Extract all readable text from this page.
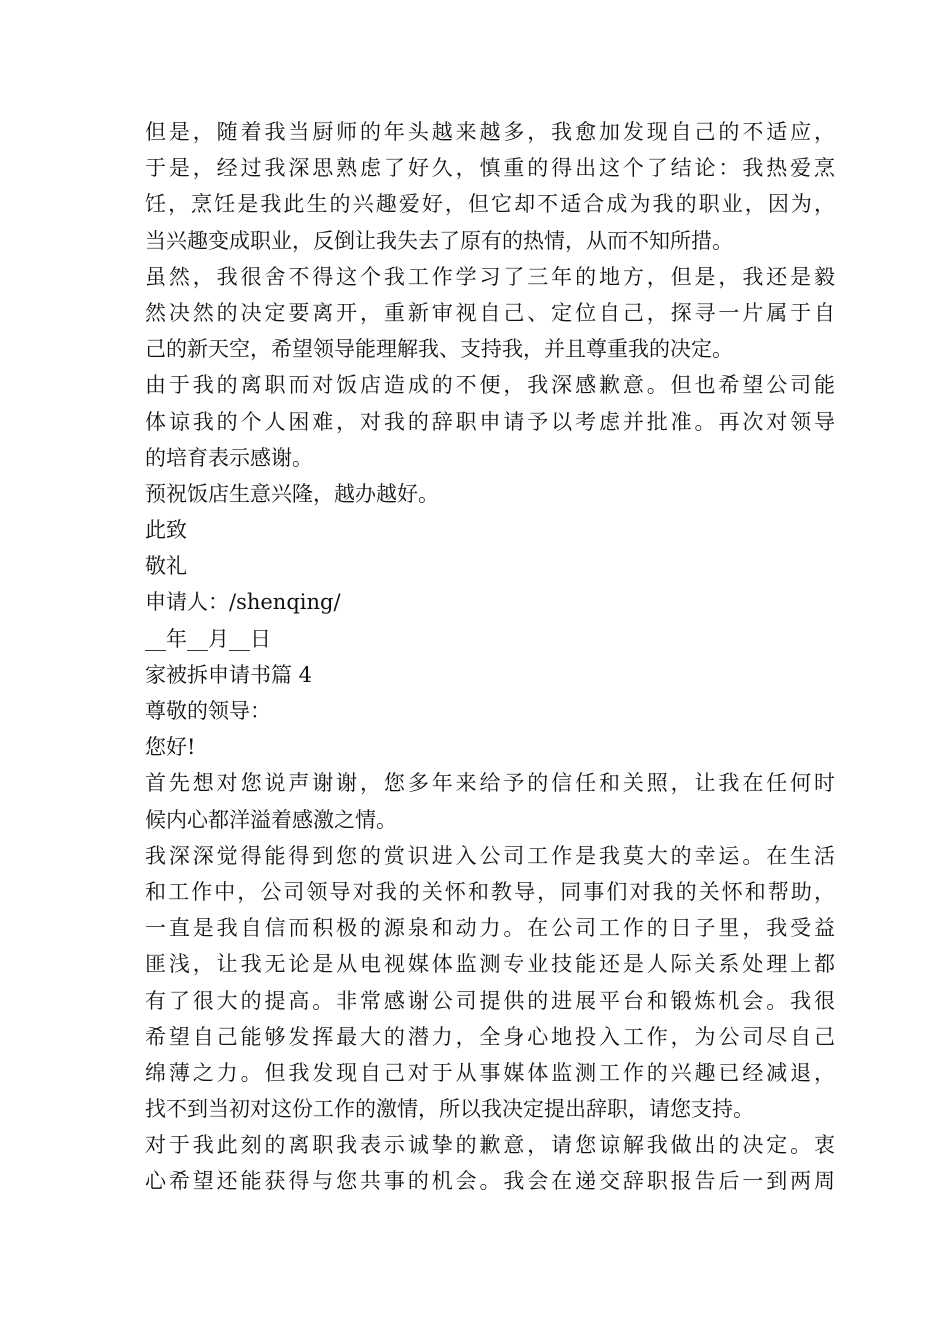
但是，随着我当厨师的年头越来越多，我愈加发现自己的不适应，
于是，经过我深思熟虑了好久，慎重的得出这个了结论：我热爱烹
饪，烹饪是我此生的兴趣爱好，但它却不适合成为我的职业，因为，
当兴趣变成职业，反倒让我失去了原有的热情，从而不知所措。
虽然，我很舍不得这个我工作学习了三年的地方，但是，我还是毅
然决然的决定要离开，重新审视自己、定位自己，探寻一片属于自
己的新天空，希望领导能理解我、支持我，并且尊重我的决定。
由于我的离职而对饭店造成的不便，我深感歉意。但也希望公司能
体谅我的个人困难，对我的辞职申请予以考虑并批准。再次对领导
的培育表示感谢。
预祝饭店生意兴隆，越办越好。
此致
敬礼
申请人：/shenqing/
__年__月__日
家被拆申请书篇 4
尊敬的领导：
您好!
首先想对您说声谢谢，您多年来给予的信任和关照，让我在任何时
候内心都洋溢着感激之情。
我深深觉得能得到您的赏识进入公司工作是我莫大的幸运。在生活
和工作中，公司领导对我的关怀和教导，同事们对我的关怀和帮助，
一直是我自信而积极的源泉和动力。在公司工作的日子里，我受益
匪浅，让我无论是从电视媒体监测专业技能还是人际关系处理上都
有了很大的提高。非常感谢公司提供的进展平台和锻炼机会。我很
希望自己能够发挥最大的潜力，全身心地投入工作，为公司尽自己
绵薄之力。但我发现自己对于从事媒体监测工作的兴趣已经减退，
找不到当初对这份工作的激情，所以我决定提出辞职，请您支持。
对于我此刻的离职我表示诚挚的歉意，请您谅解我做出的决定。衷
心希望还能获得与您共事的机会。我会在递交辞职报告后一到两周
